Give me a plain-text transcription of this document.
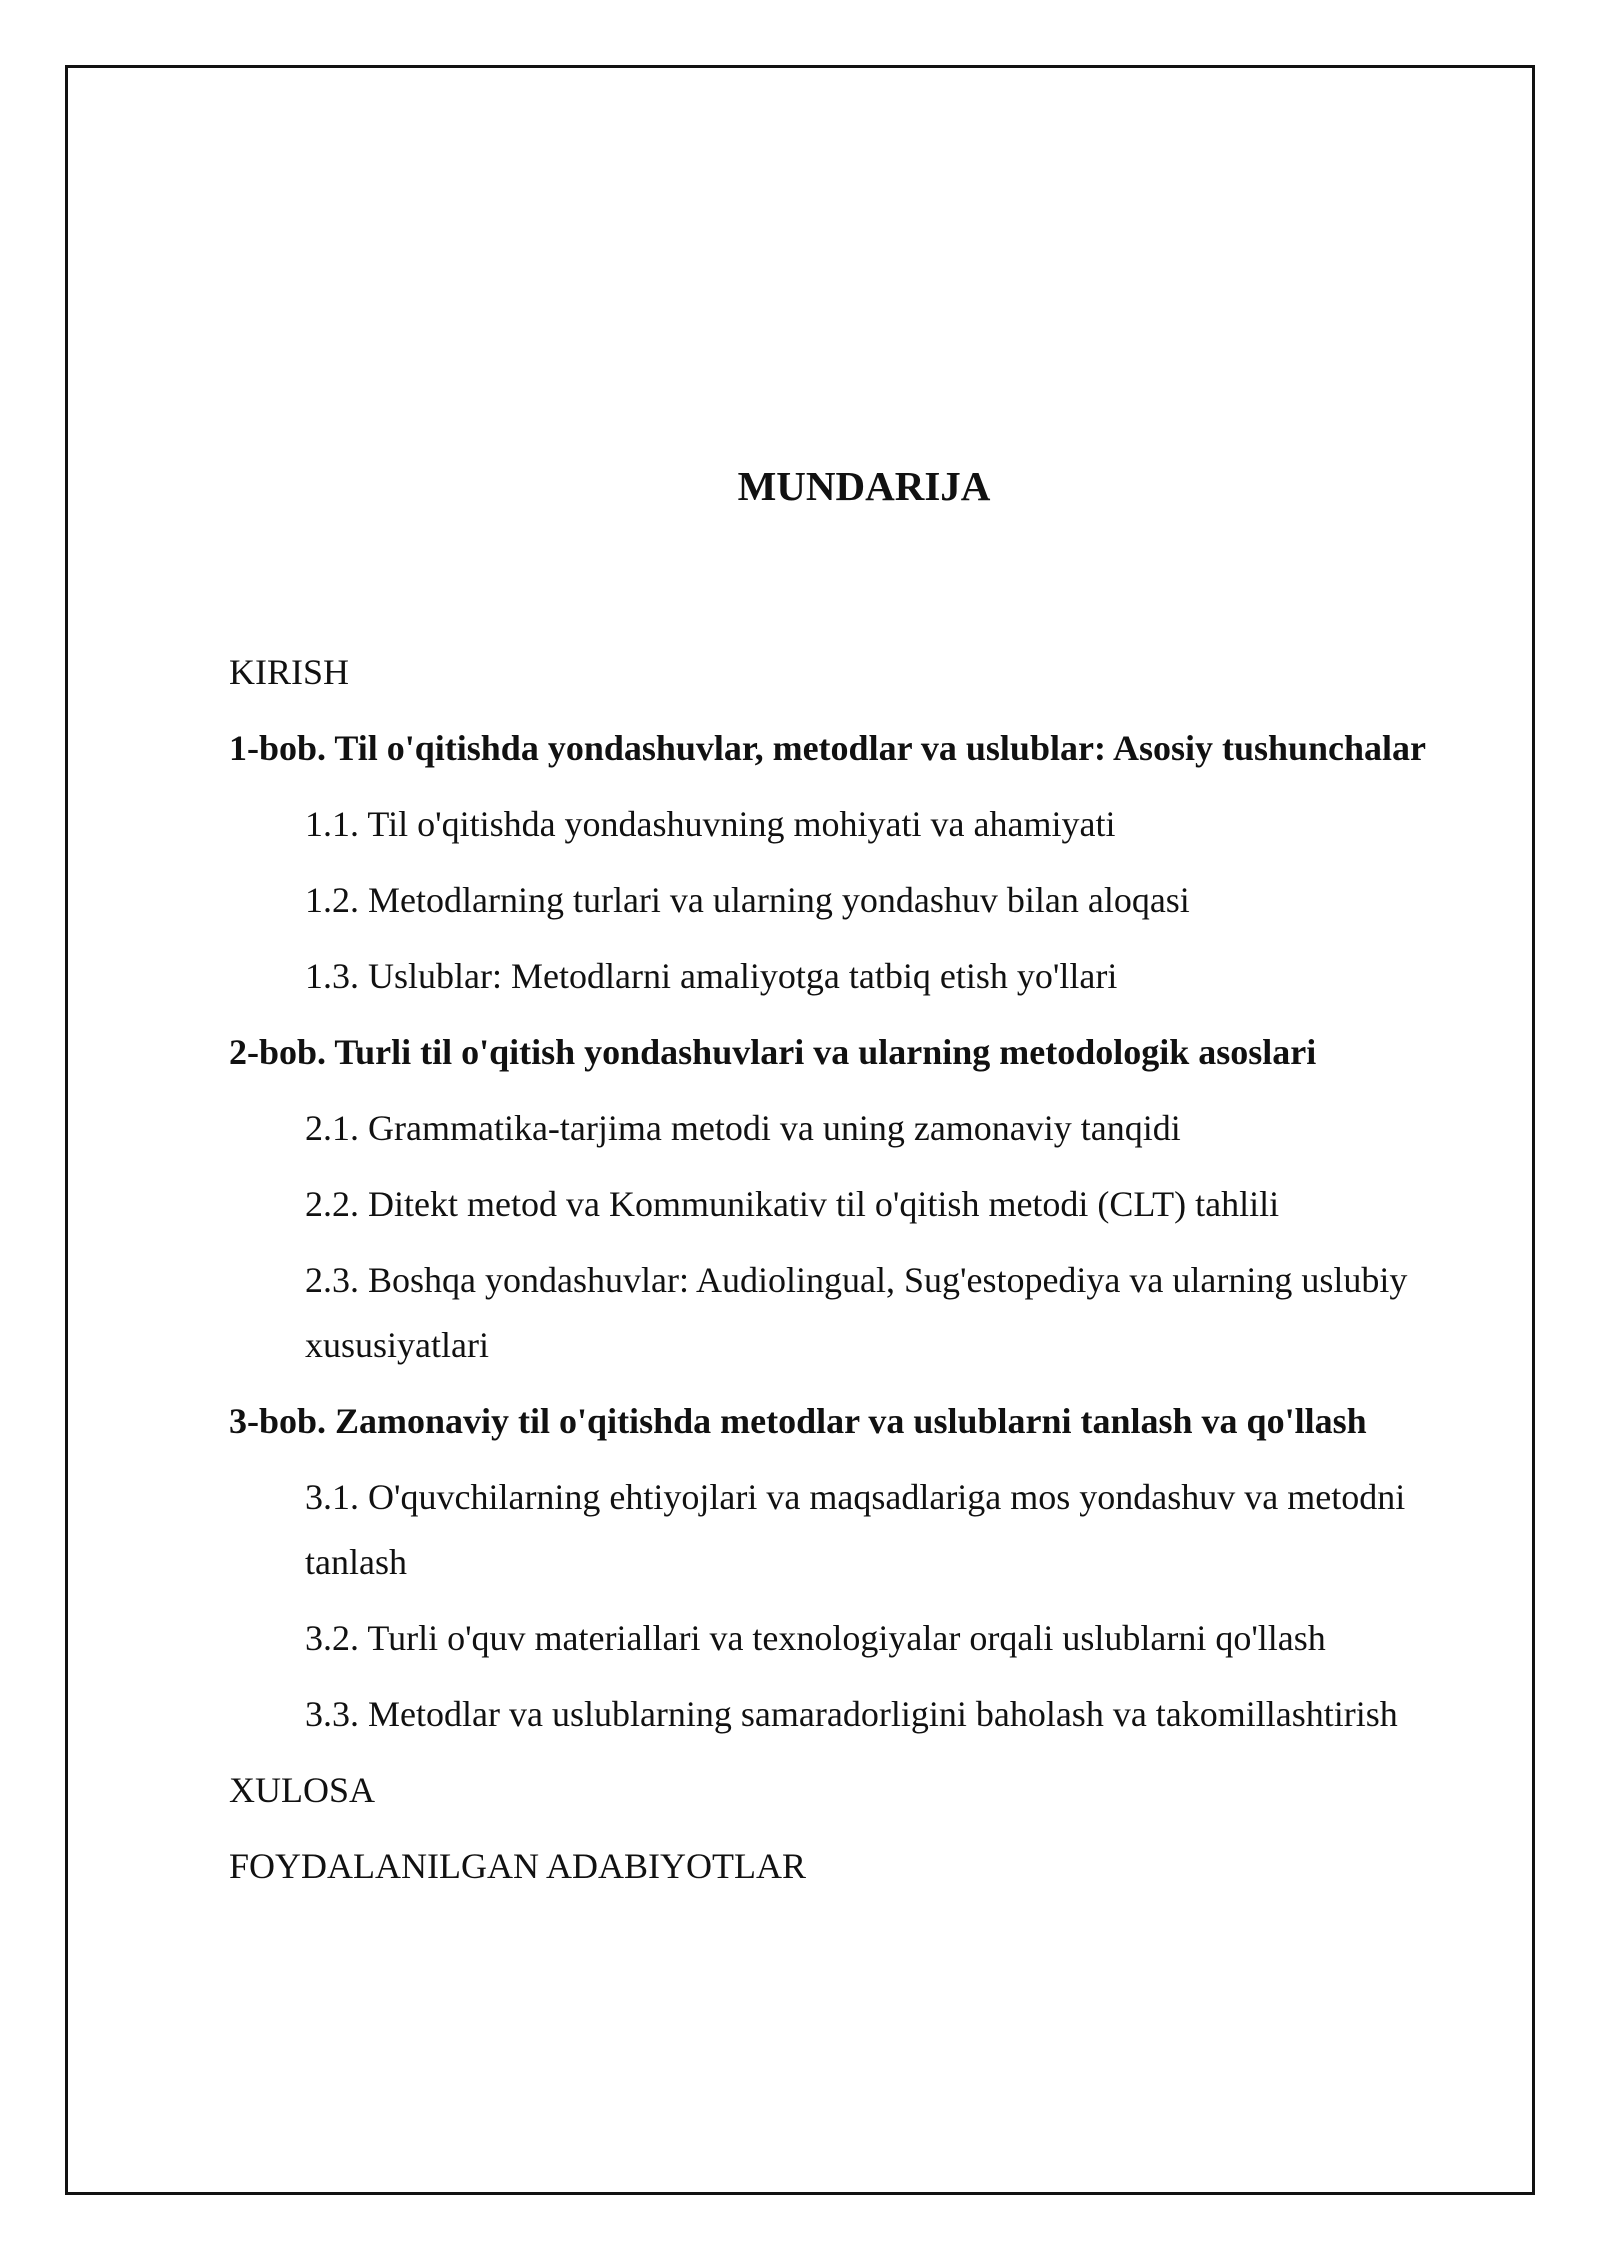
MUNDARIJA
KIRISH
1-bob. Til o'qitishda yondashuvlar, metodlar va uslublar: Asosiy tushunchalar
1.1. Til o'qitishda yondashuvning mohiyati va ahamiyati
1.2. Metodlarning turlari va ularning yondashuv bilan aloqasi
1.3. Uslublar: Metodlarni amaliyotga tatbiq etish yo'llari
2-bob. Turli til o'qitish yondashuvlari va ularning metodologik asoslari
2.1. Grammatika-tarjima metodi va uning zamonaviy tanqidi
2.2. Ditekt metod va Kommunikativ til o'qitish metodi (CLT) tahlili
2.3. Boshqa yondashuvlar: Audiolingual, Sug'estopediya va ularning uslubiy xususiyatlari
3-bob. Zamonaviy til o'qitishda metodlar va uslublarni tanlash va qo'llash
3.1. O'quvchilarning ehtiyojlari va maqsadlariga mos yondashuv va metodni tanlash
3.2. Turli o'quv materiallari va texnologiyalar orqali uslublarni qo'llash
3.3. Metodlar va uslublarning samaradorligini baholash va takomillashtirish
XULOSA
FOYDALANILGAN ADABIYOTLAR
